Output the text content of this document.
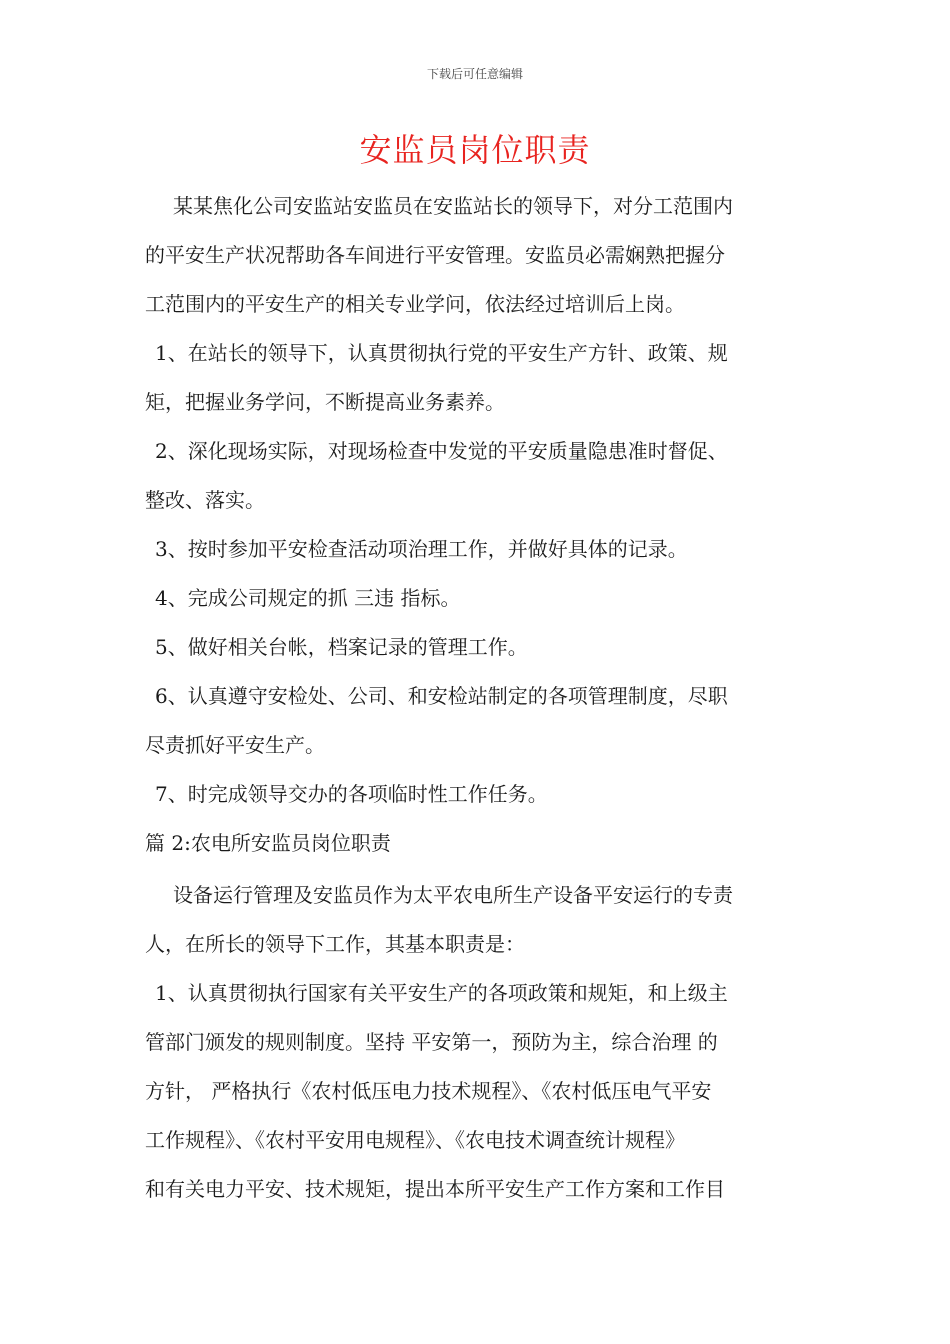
下载后可任意编辑
安监员岗位职责
某某焦化公司安监站安监员在安监站长的领导下，对分工范围内
的平安生产状况帮助各车间进行平安管理。安监员必需娴熟把握分
工范围内的平安生产的相关专业学问，依法经过培训后上岗。
1、在站长的领导下，认真贯彻执行党的平安生产方针、政策、规
矩，把握业务学问，不断提高业务素养。
2、深化现场实际，对现场检查中发觉的平安质量隐患准时督促、
整改、落实。
3、按时参加平安检查活动项治理工作，并做好具体的记录。
4、完成公司规定的抓 三违 指标。
5、做好相关台帐，档案记录的管理工作。
6、认真遵守安检处、公司、和安检站制定的各项管理制度，尽职
尽责抓好平安生产。
7、时完成领导交办的各项临时性工作任务。
篇 2:农电所安监员岗位职责
设备运行管理及安监员作为太平农电所生产设备平安运行的专责
人，在所长的领导下工作，其基本职责是：
1、认真贯彻执行国家有关平安生产的各项政策和规矩，和上级主
管部门颁发的规则制度。坚持 平安第一，预防为主，综合治理 的
方针， 严格执行《农村低压电力技术规程》、《农村低压电气平安
工作规程》、《农村平安用电规程》、《农电技术调查统计规程》
和有关电力平安、技术规矩，提出本所平安生产工作方案和工作目
